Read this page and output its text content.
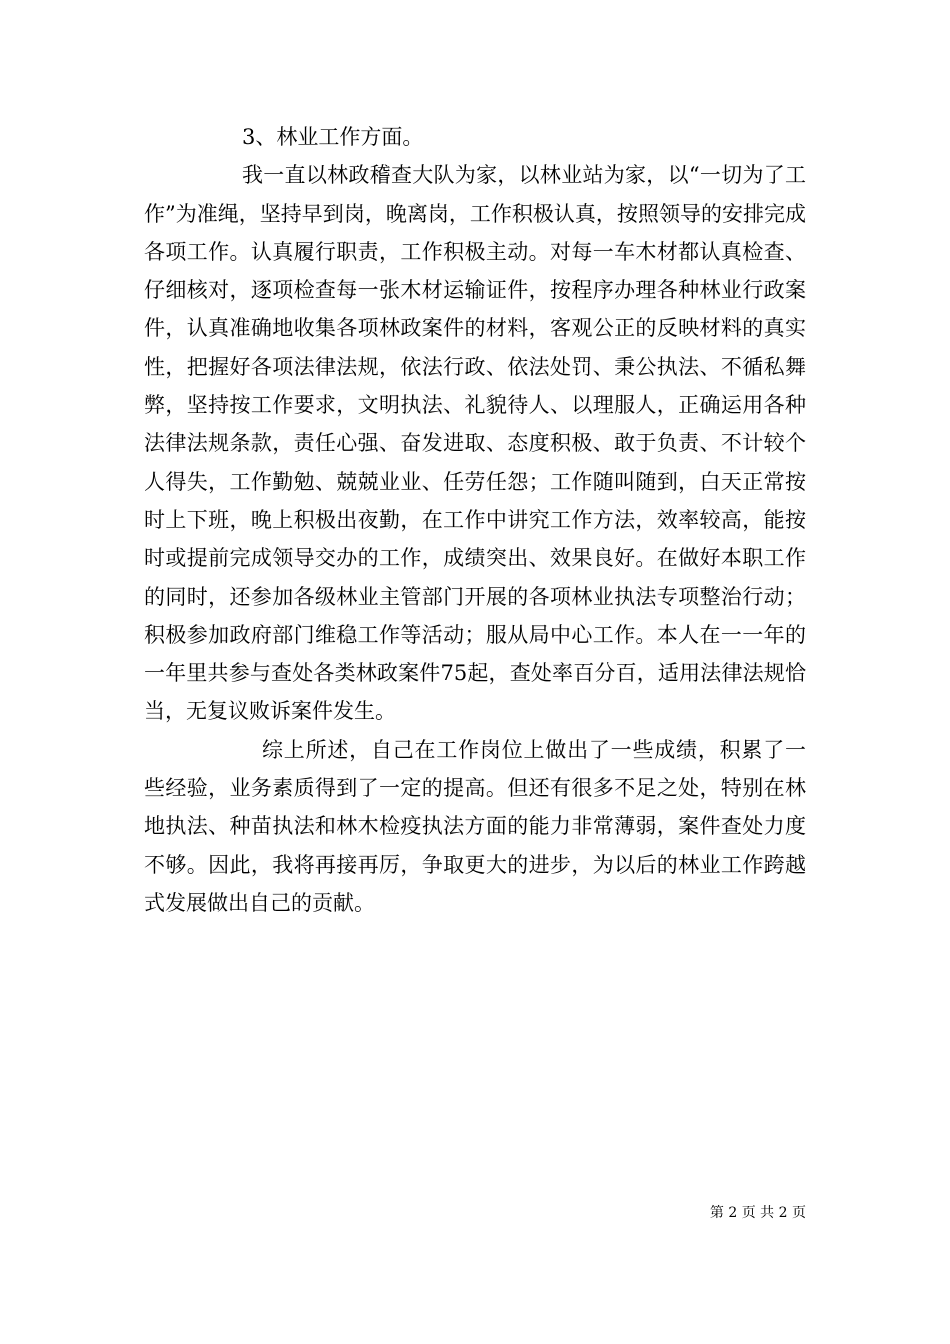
3、林业工作方面。

我一直以林政稽查大队为家，以林业站为家，以“一切为了工作”为准绳，坚持早到岗，晚离岗，工作积极认真，按照领导的安排完成各项工作。认真履行职责，工作积极主动。对每一车木材都认真检查、仔细核对，逐项检查每一张木材运输证件，按程序办理各种林业行政案件，认真准确地收集各项林政案件的材料，客观公正的反映材料的真实性，把握好各项法律法规，依法行政、依法处罚、秉公执法、不循私舞弊，坚持按工作要求，文明执法、礼貌待人、以理服人，正确运用各种法律法规条款，责任心强、奋发进取、态度积极、敢于负责、不计较个人得失，工作勤勉、兢兢业业、任劳任怨；工作随叫随到，白天正常按时上下班，晚上积极出夜勤，在工作中讲究工作方法，效率较高，能按时或提前完成领导交办的工作，成绩突出、效果良好。在做好本职工作的同时，还参加各级林业主管部门开展的各项林业执法专项整治行动；积极参加政府部门维稳工作等活动；服从局中心工作。本人在一一年的一年里共参与查处各类林政案件75起，查处率百分百，适用法律法规恰当，无复议败诉案件发生。

综上所述，自己在工作岗位上做出了一些成绩，积累了一些经验，业务素质得到了一定的提高。但还有很多不足之处，特别在林地执法、种苗执法和林木检疫执法方面的能力非常薄弱，案件查处力度不够。因此，我将再接再厉，争取更大的进步，为以后的林业工作跨越式发展做出自己的贡献。

第 2 页 共 2 页
